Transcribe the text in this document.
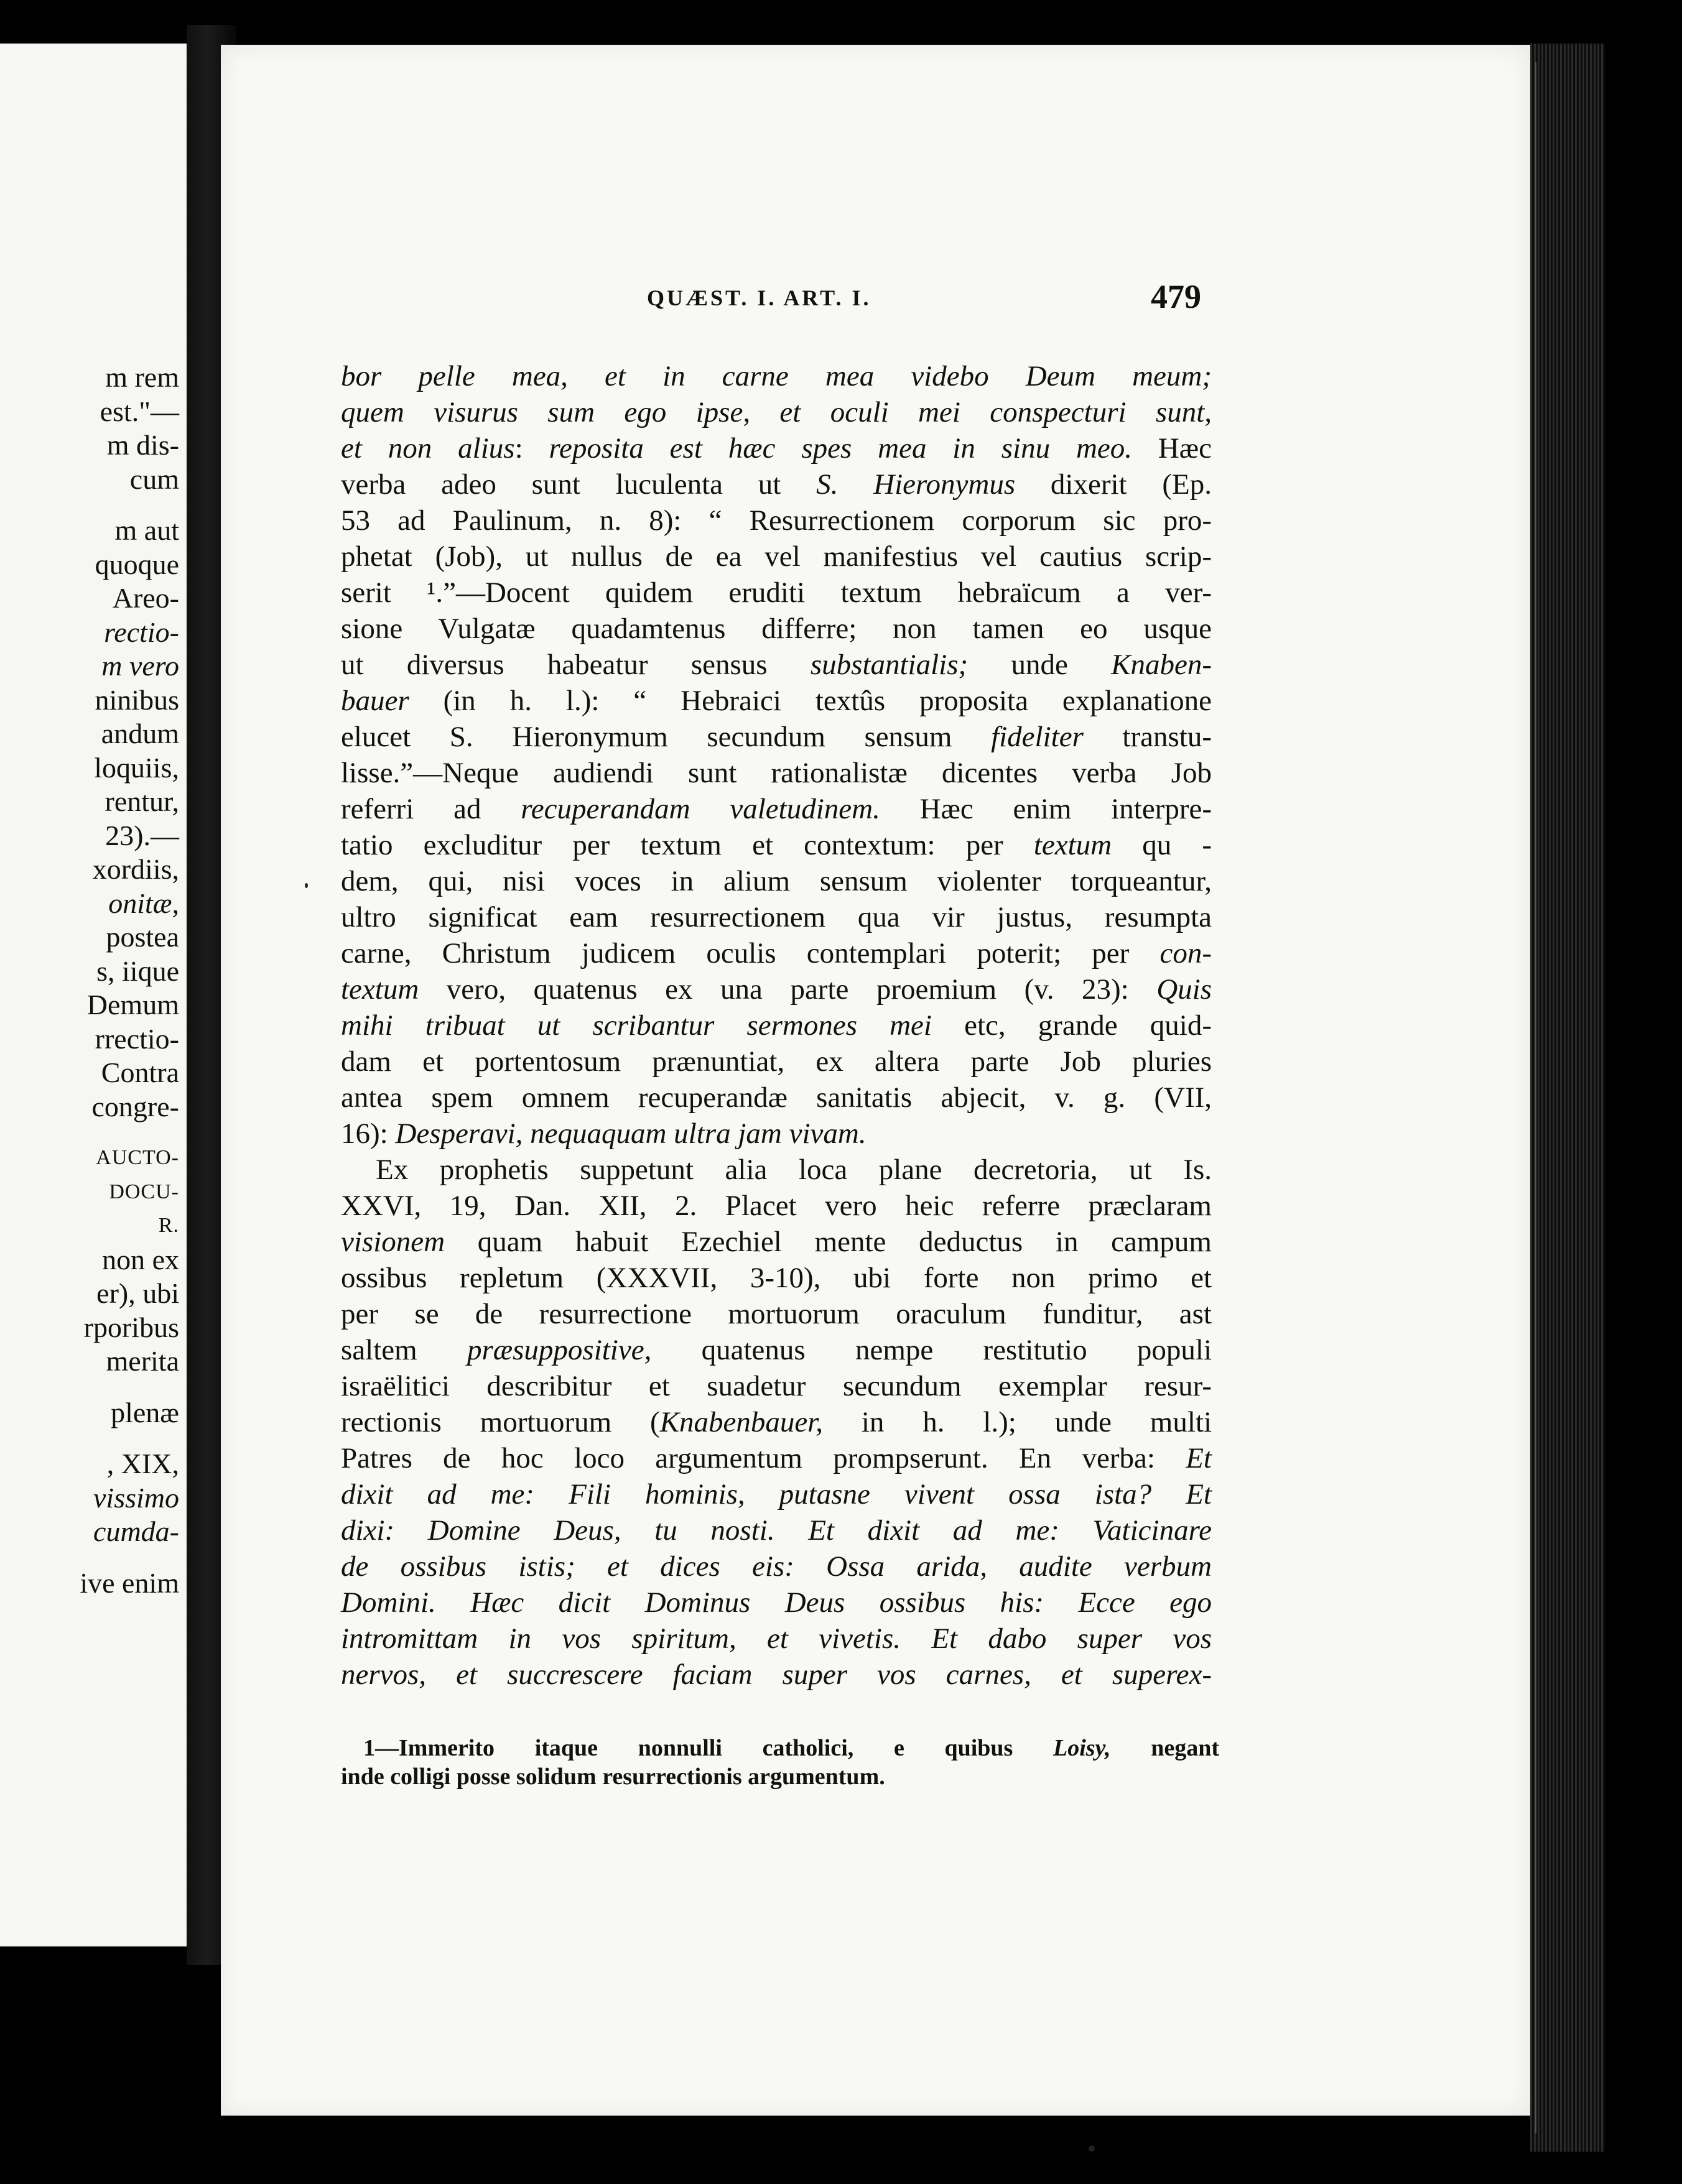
m rem
est."—
m dis-
cum
m aut
quoque
Areo-
rectio-
m vero
ninibus
andum
loquiis,
rentur,
23).—
xordiis,
onitæ,
postea
s, iique
Demum
rrectio-
Contra
congre-
AUCTO-
DOCU-
R.
non ex
er), ubi
rporibus
merita
plenæ
, XIX,
vissimo
cumda-
ive enim
QUÆST. I. ART. I.	479
bor pelle mea, et in carne mea videbo Deum meum;
quem visurus sum ego ipse, et oculi mei conspecturi sunt,
et non alius: reposita est hæc spes mea in sinu meo. Hæc
verba adeo sunt luculenta ut S. Hieronymus dixerit (Ep.
53 ad Paulinum, n. 8): “ Resurrectionem corporum sic pro-
phetat (Job), ut nullus de ea vel manifestius vel cautius scrip-
serit ¹.”—Docent quidem eruditi textum hebraïcum a ver-
sione Vulgatæ quadamtenus differre; non tamen eo usque
ut diversus habeatur sensus substantialis; unde Knaben-
bauer (in h. l.): “ Hebraici textûs proposita explanatione
elucet S. Hieronymum secundum sensum fideliter transtu-
lisse.”—Neque audiendi sunt rationalistæ dicentes verba Job
referri ad recuperandam valetudinem. Hæc enim interpre-
tatio excluditur per textum et contextum: per textum qu -
dem, qui, nisi voces in alium sensum violenter torqueantur,
ultro significat eam resurrectionem qua vir justus, resumpta
carne, Christum judicem oculis contemplari poterit; per con-
textum vero, quatenus ex una parte proemium (v. 23): Quis
mihi tribuat ut scribantur sermones mei etc, grande quid-
dam et portentosum prænuntiat, ex altera parte Job pluries
antea spem omnem recuperandæ sanitatis abjecit, v. g. (VII,
16): Desperavi, nequaquam ultra jam vivam.
Ex prophetis suppetunt alia loca plane decretoria, ut Is.
XXVI, 19, Dan. XII, 2. Placet vero heic referre præclaram
visionem quam habuit Ezechiel mente deductus in campum
ossibus repletum (XXXVII, 3-10), ubi forte non primo et
per se de resurrectione mortuorum oraculum funditur, ast
saltem præsuppositive, quatenus nempe restitutio populi
israëlitici describitur et suadetur secundum exemplar resur-
rectionis mortuorum (Knabenbauer, in h. l.); unde multi
Patres de hoc loco argumentum prompserunt. En verba: Et
dixit ad me: Fili hominis, putasne vivent ossa ista? Et
dixi: Domine Deus, tu nosti. Et dixit ad me: Vaticinare
de ossibus istis; et dices eis: Ossa arida, audite verbum
Domini. Hæc dicit Dominus Deus ossibus his: Ecce ego
intromittam in vos spiritum, et vivetis. Et dabo super vos
nervos, et succrescere faciam super vos carnes, et superex-
1—Immerito itaque nonnulli catholici, e quibus Loisy, negant
inde colligi posse solidum resurrectionis argumentum.
